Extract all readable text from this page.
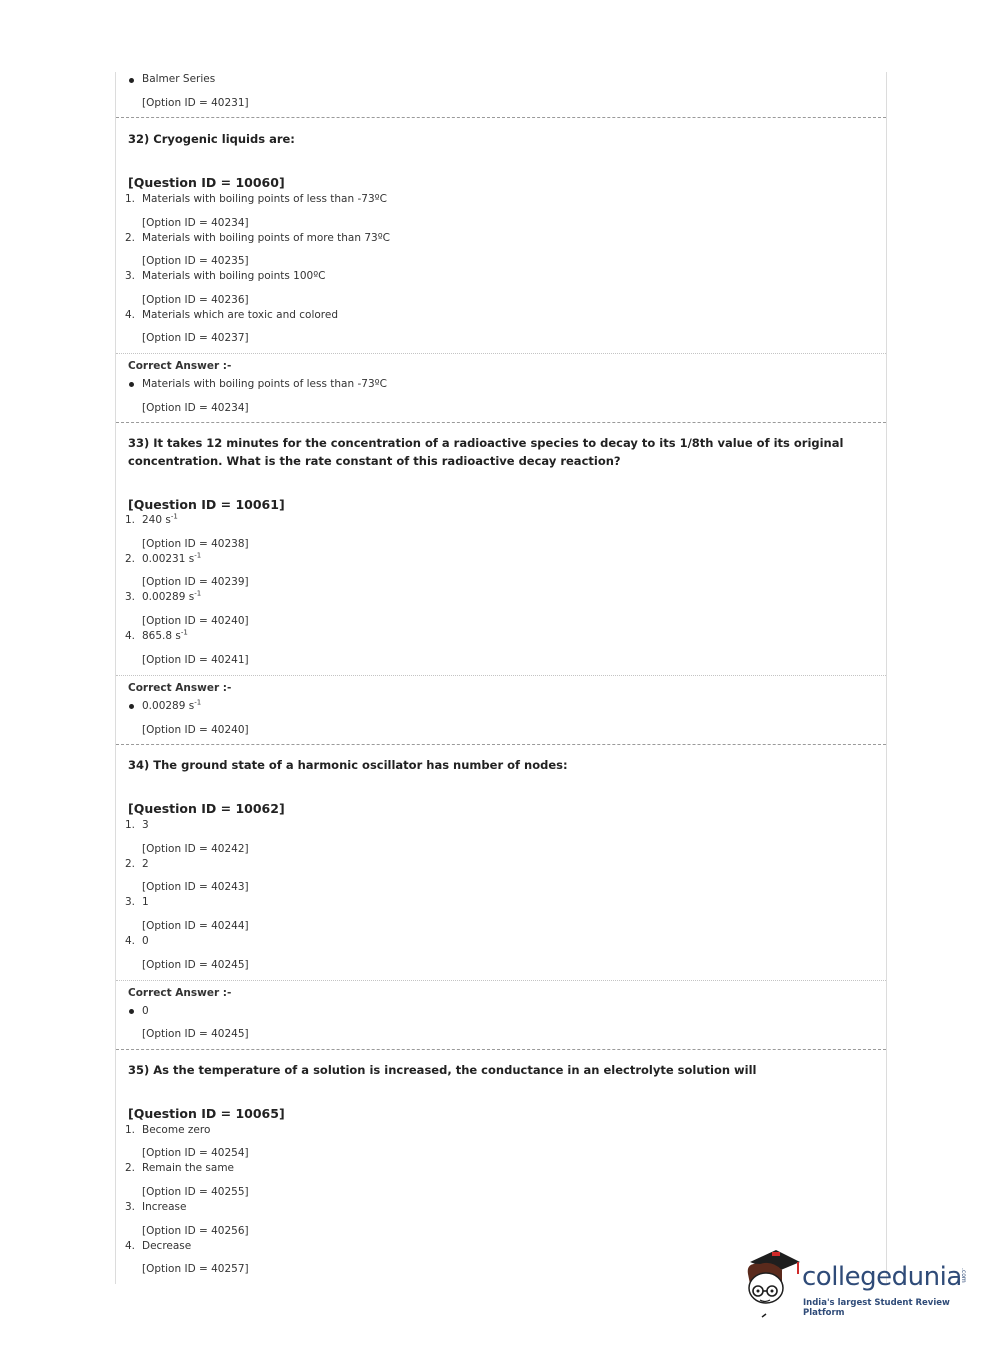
Balmer Series
[Option ID = 40231]
32) Cryogenic liquids are:
[Question ID = 10060]
1. Materials with boiling points of less than -73ºC
[Option ID = 40234]
2. Materials with boiling points of more than 73ºC
[Option ID = 40235]
3. Materials with boiling points 100ºC
[Option ID = 40236]
4. Materials which are toxic and colored
[Option ID = 40237]
Correct Answer :-
Materials with boiling points of less than -73ºC
[Option ID = 40234]
33) It takes 12 minutes for the concentration of a radioactive species to decay to its 1/8th value of its original
concentration. What is the rate constant of this radioactive decay reaction?
[Question ID = 10061]
1. 240 $s^{-1}$
[Option ID = 40238]
2. 0.00231 $s^{-1}$
[Option ID = 40239]
3. 0.00289 $s^{-1}$
[Option ID = 40240]
4. 865.8 $s^{-1}$
[Option ID = 40241]
Correct Answer :-
0.00289 $s^{-1}$
[Option ID = 40240]
34) The ground state of a harmonic oscillator has number of nodes:
[Question ID = 10062]
1. 3
[Option ID = 40242]
2. 2
[Option ID = 40243]
3. 1
[Option ID = 40244]
4. 0
[Option ID = 40245]
Correct Answer :-
0
[Option ID = 40245]
35) As the temperature of a solution is increased, the conductance in an electrolyte solution will
[Question ID = 10065]
1. Become zero
[Option ID = 40254]
2. Remain the same
[Option ID = 40255]
3. Increase
[Option ID = 40256]
4. Decrease
[Option ID = 40257]	collegedunia
.com
India's largest Student Review Platform
